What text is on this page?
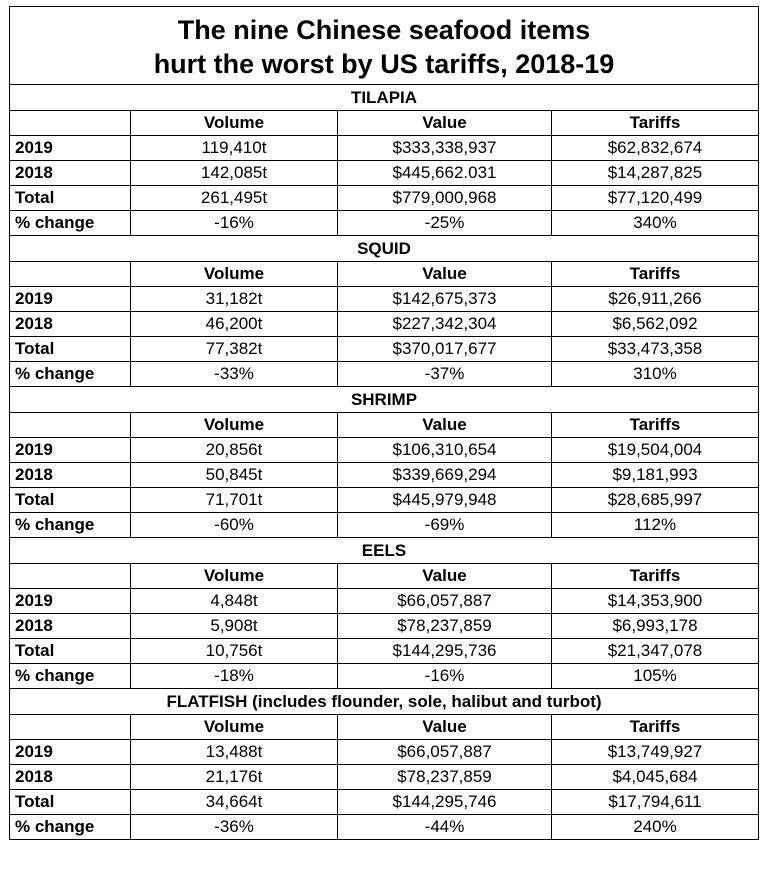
The nine Chinese seafood items
hurt the worst by US tariffs, 2018-19			

TILAPIA			
	Volume	Value	Tariffs
2019	119,410t	$333,338,937	$62,832,674
2018	142,085t	$445,662.031	$14,287,825
Total	261,495t	$779,000,968	$77,120,499
% change	-16%	-25%	340%
SQUID			
	Volume	Value	Tariffs
2019	31,182t	$142,675,373	$26,911,266
2018	46,200t	$227,342,304	$6,562,092
Total	77,382t	$370,017,677	$33,473,358
% change	-33%	-37%	310%
SHRIMP			
	Volume	Value	Tariffs
2019	20,856t	$106,310,654	$19,504,004
2018	50,845t	$339,669,294	$9,181,993
Total	71,701t	$445,979,948	$28,685,997
% change	-60%	-69%	112%
EELS			
	Volume	Value	Tariffs
2019	4,848t	$66,057,887	$14,353,900
2018	5,908t	$78,237,859	$6,993,178
Total	10,756t	$144,295,736	$21,347,078
% change	-18%	-16%	105%
FLATFISH (includes flounder, sole, halibut and turbot)			
	Volume	Value	Tariffs
2019	13,488t	$66,057,887	$13,749,927
2018	21,176t	$78,237,859	$4,045,684
Total	34,664t	$144,295,746	$17,794,611
% change	-36%	-44%	240%
